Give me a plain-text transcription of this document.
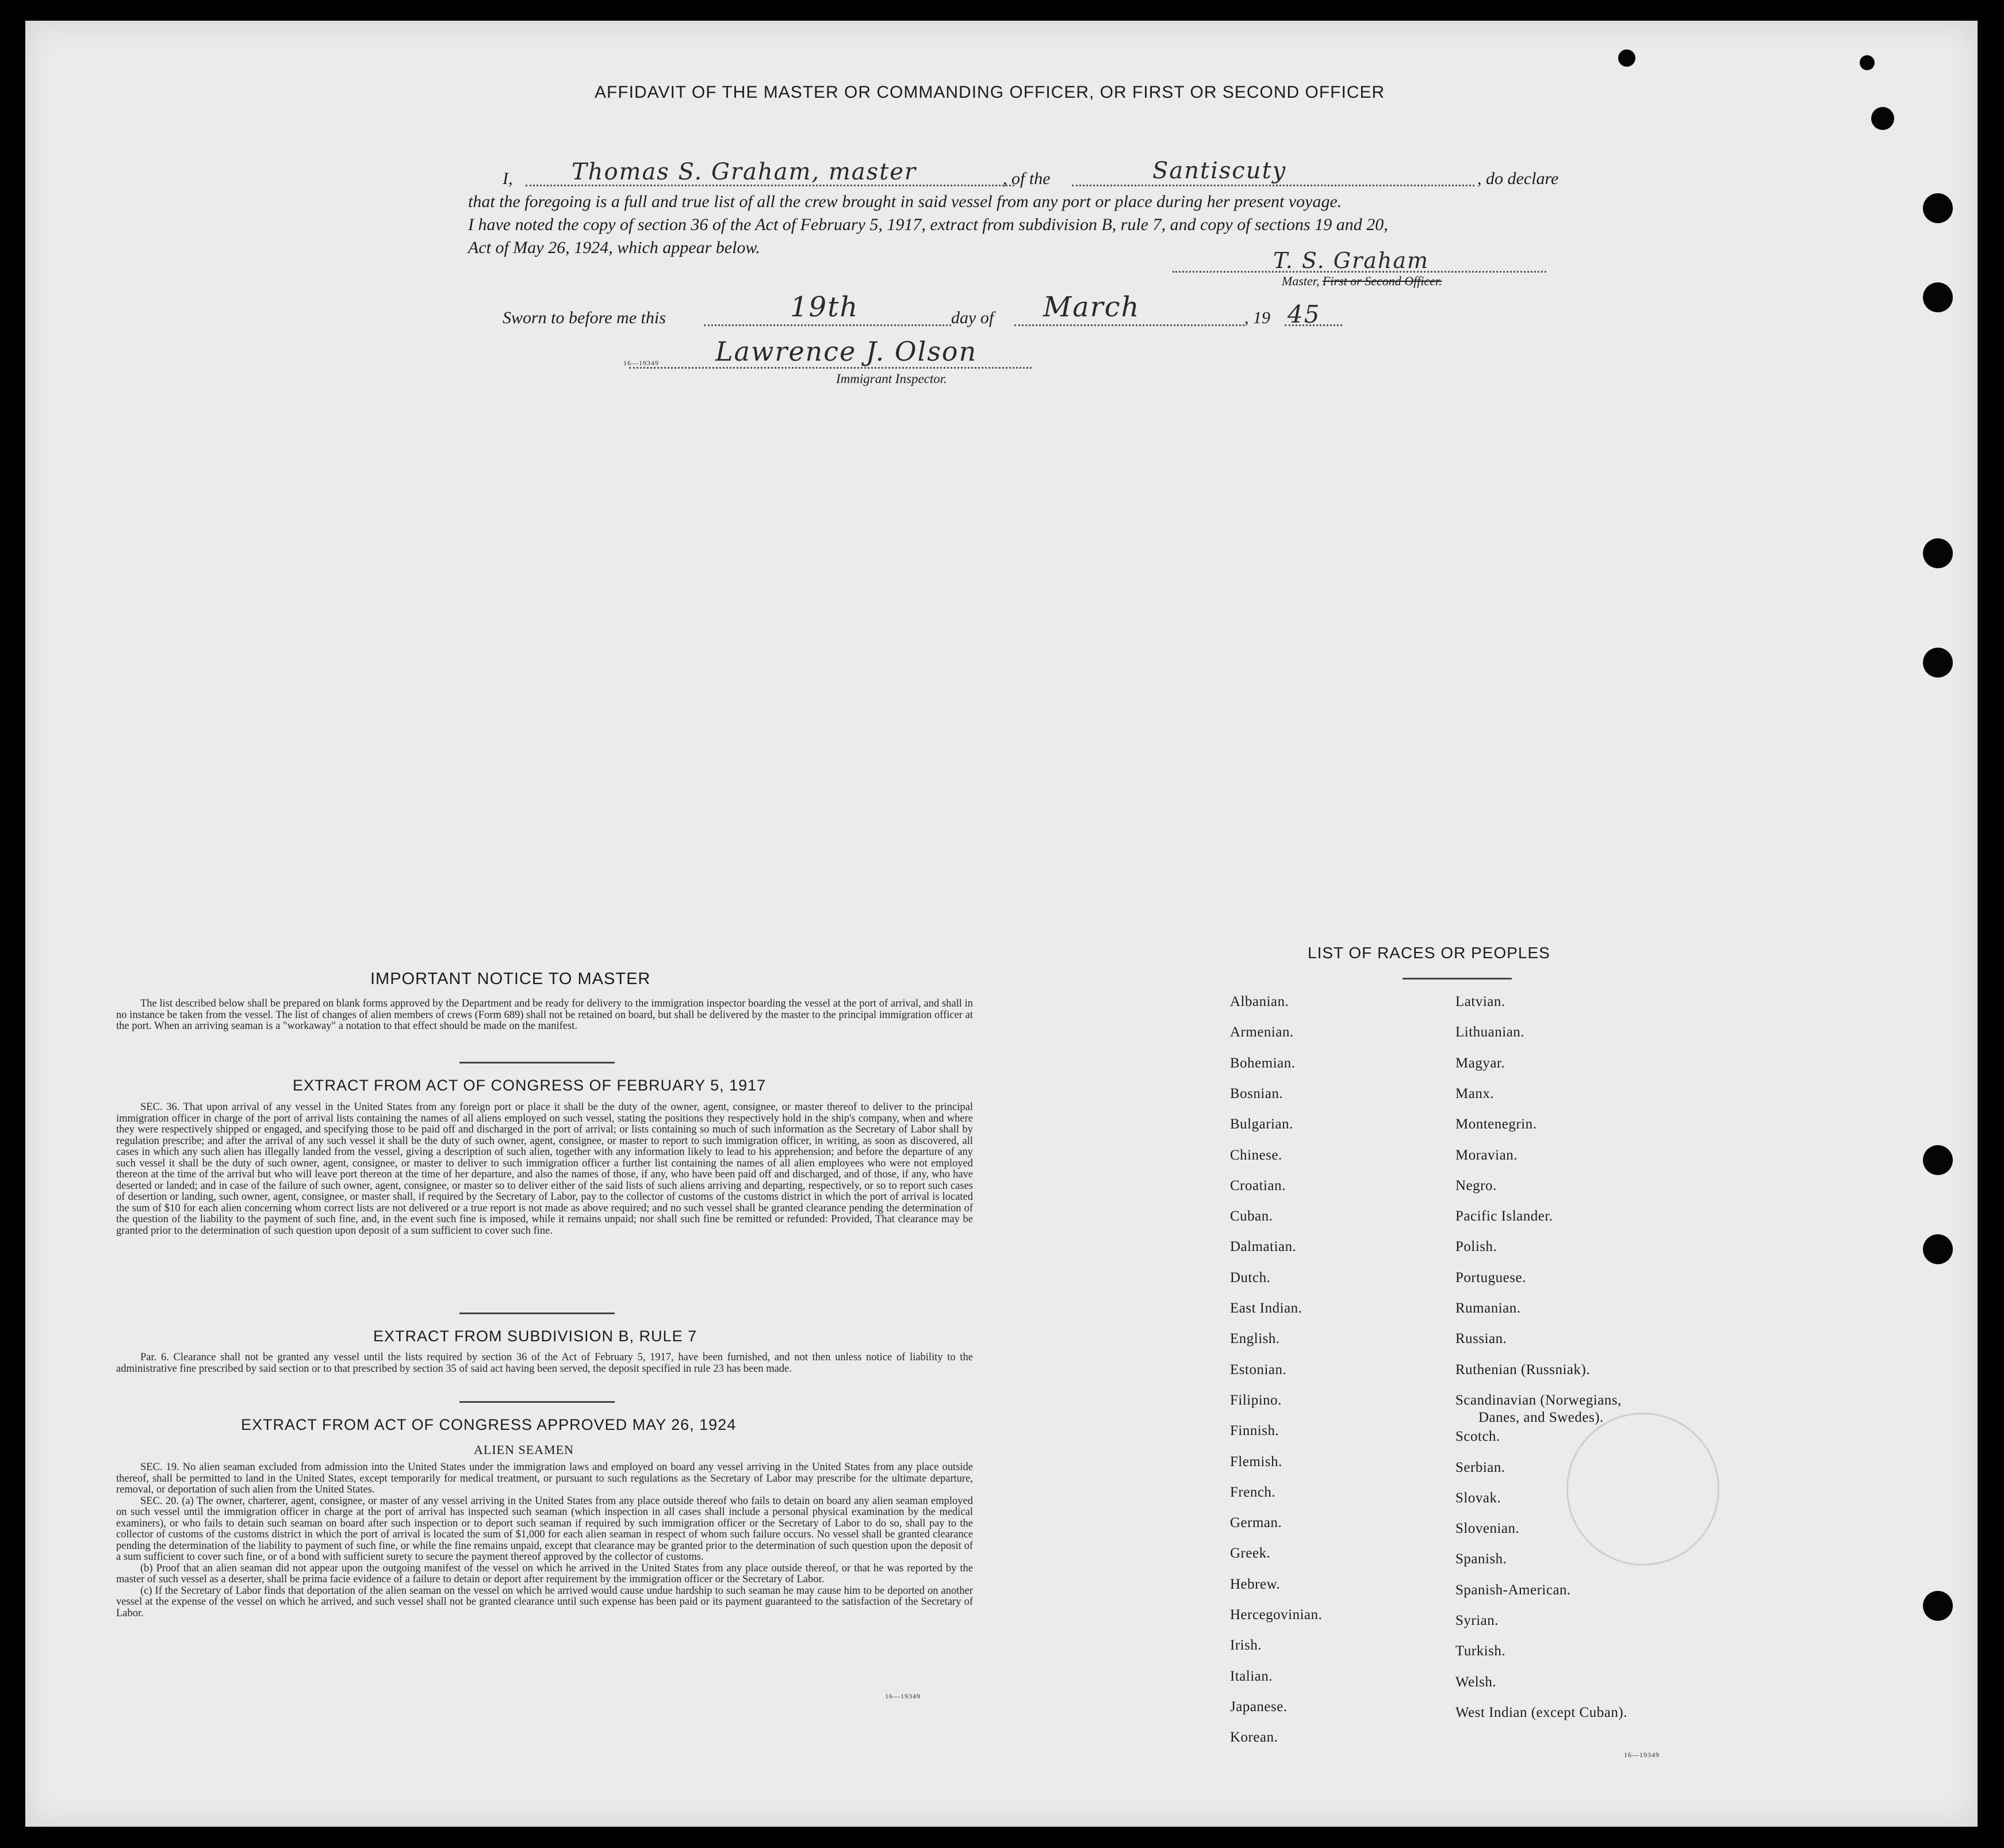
AFFIDAVIT OF THE MASTER OR COMMANDING OFFICER, OR FIRST OR SECOND OFFICER
I,	Thomas S. Graham, master	, of the	Santiscuty	, do declare
that the foregoing is a full and true list of all the crew brought in said vessel from any port or place during her present voyage.
I have noted the copy of section 36 of the Act of February 5, 1917, extract from subdivision B, rule 7, and copy of sections 19 and 20,
Act of May 26, 1924, which appear below.
T. S. Graham
Master, First or Second Officer.
Sworn to before me this	19th	day of March	, 19 45
Lawrence J. Olson
16—19349
Immigrant Inspector.
IMPORTANT NOTICE TO MASTER

The list described below shall be prepared on blank forms approved by the Department and be ready for delivery to the immigration inspector boarding the vessel at the port of arrival, and shall in no instance be taken from the vessel. The list of changes of alien members of crews (Form 689) shall not be retained on board, but shall be delivered by the master to the principal immigration officer at the port. When an arriving seaman is a "workaway" a notation to that effect should be made on the manifest.

EXTRACT FROM ACT OF CONGRESS OF FEBRUARY 5, 1917

SEC. 36. That upon arrival of any vessel in the United States from any foreign port or place it shall be the duty of the owner, agent, consignee, or master thereof to deliver to the principal immigration officer in charge of the port of arrival lists containing the names of all aliens employed on such vessel, stating the positions they respectively hold in the ship's company, when and where they were respectively shipped or engaged, and specifying those to be paid off and discharged in the port of arrival; or lists containing so much of such information as the Secretary of Labor shall by regulation prescribe; and after the arrival of any such vessel it shall be the duty of such owner, agent, consignee, or master to report to such immigration officer, in writing, as soon as discovered, all cases in which any such alien has illegally landed from the vessel, giving a description of such alien, together with any information likely to lead to his apprehension; and before the departure of any such vessel it shall be the duty of such owner, agent, consignee, or master to deliver to such immigration officer a further list containing the names of all alien employees who were not employed thereon at the time of the arrival but who will leave port thereon at the time of her departure, and also the names of those, if any, who have been paid off and discharged, and of those, if any, who have deserted or landed; and in case of the failure of such owner, agent, consignee, or master so to deliver either of the said lists of such aliens arriving and departing, respectively, or so to report such cases of desertion or landing, such owner, agent, consignee, or master shall, if required by the Secretary of Labor, pay to the collector of customs of the customs district in which the port of arrival is located the sum of $10 for each alien concerning whom correct lists are not delivered or a true report is not made as above required; and no such vessel shall be granted clearance pending the determination of the question of the liability to the payment of such fine, and, in the event such fine is imposed, while it remains unpaid; nor shall such fine be remitted or refunded: Provided, That clearance may be granted prior to the determination of such question upon deposit of a sum sufficient to cover such fine.

EXTRACT FROM SUBDIVISION B, RULE 7

Par. 6. Clearance shall not be granted any vessel until the lists required by section 36 of the Act of February 5, 1917, have been furnished, and not then unless notice of liability to the administrative fine prescribed by said section or to that prescribed by section 35 of said act having been served, the deposit specified in rule 23 has been made.

EXTRACT FROM ACT OF CONGRESS APPROVED MAY 26, 1924
ALIEN SEAMEN

SEC. 19. No alien seaman excluded from admission into the United States under the immigration laws and employed on board any vessel arriving in the United States from any place outside thereof, shall be permitted to land in the United States, except temporarily for medical treatment, or pursuant to such regulations as the Secretary of Labor may prescribe for the ultimate departure, removal, or deportation of such alien from the United States.

SEC. 20. (a) The owner, charterer, agent, consignee, or master of any vessel arriving in the United States from any place outside thereof who fails to detain on board any alien seaman employed on such vessel until the immigration officer in charge at the port of arrival has inspected such seaman (which inspection in all cases shall include a personal physical examination by the medical examiners), or who fails to detain such seaman on board after such inspection or to deport such seaman if required by such immigration officer or the Secretary of Labor to do so, shall pay to the collector of customs of the customs district in which the port of arrival is located the sum of $1,000 for each alien seaman in respect of whom such failure occurs. No vessel shall be granted clearance pending the determination of the liability to payment of such fine, or while the fine remains unpaid, except that clearance may be granted prior to the determination of such question upon the deposit of a sum sufficient to cover such fine, or of a bond with sufficient surety to secure the payment thereof approved by the collector of customs.

(b) Proof that an alien seaman did not appear upon the outgoing manifest of the vessel on which he arrived in the United States from any place outside thereof, or that he was reported by the master of such vessel as a deserter, shall be prima facie evidence of a failure to detain or deport after requirement by the immigration officer or the Secretary of Labor.

(c) If the Secretary of Labor finds that deportation of the alien seaman on the vessel on which he arrived would cause undue hardship to such seaman he may cause him to be deported on another vessel at the expense of the vessel on which he arrived, and such vessel shall not be granted clearance until such expense has been paid or its payment guaranteed to the satisfaction of the Secretary of Labor.

16—19349
LIST OF RACES OR PEOPLES
16—19349
Albanian.
Armenian.
Bohemian.
Bosnian.
Bulgarian.
Chinese.
Croatian.
Cuban.
Dalmatian.
Dutch.
East Indian.
English.
Estonian.
Filipino.
Finnish.
Flemish.
French.
German.
Greek.
Hebrew.
Hercegovinian.
Irish.
Italian.
Japanese.
Korean.
Latvian.
Lithuanian.
Magyar.
Manx.
Montenegrin.
Moravian.
Negro.
Pacific Islander.
Polish.
Portuguese.
Rumanian.
Russian.
Ruthenian (Russniak).
Scandinavian (Norwegians,
Danes, and Swedes).
Scotch.
Serbian.
Slovak.
Slovenian.
Spanish.
Spanish-American.
Syrian.
Turkish.
Welsh.
West Indian (except Cuban).
